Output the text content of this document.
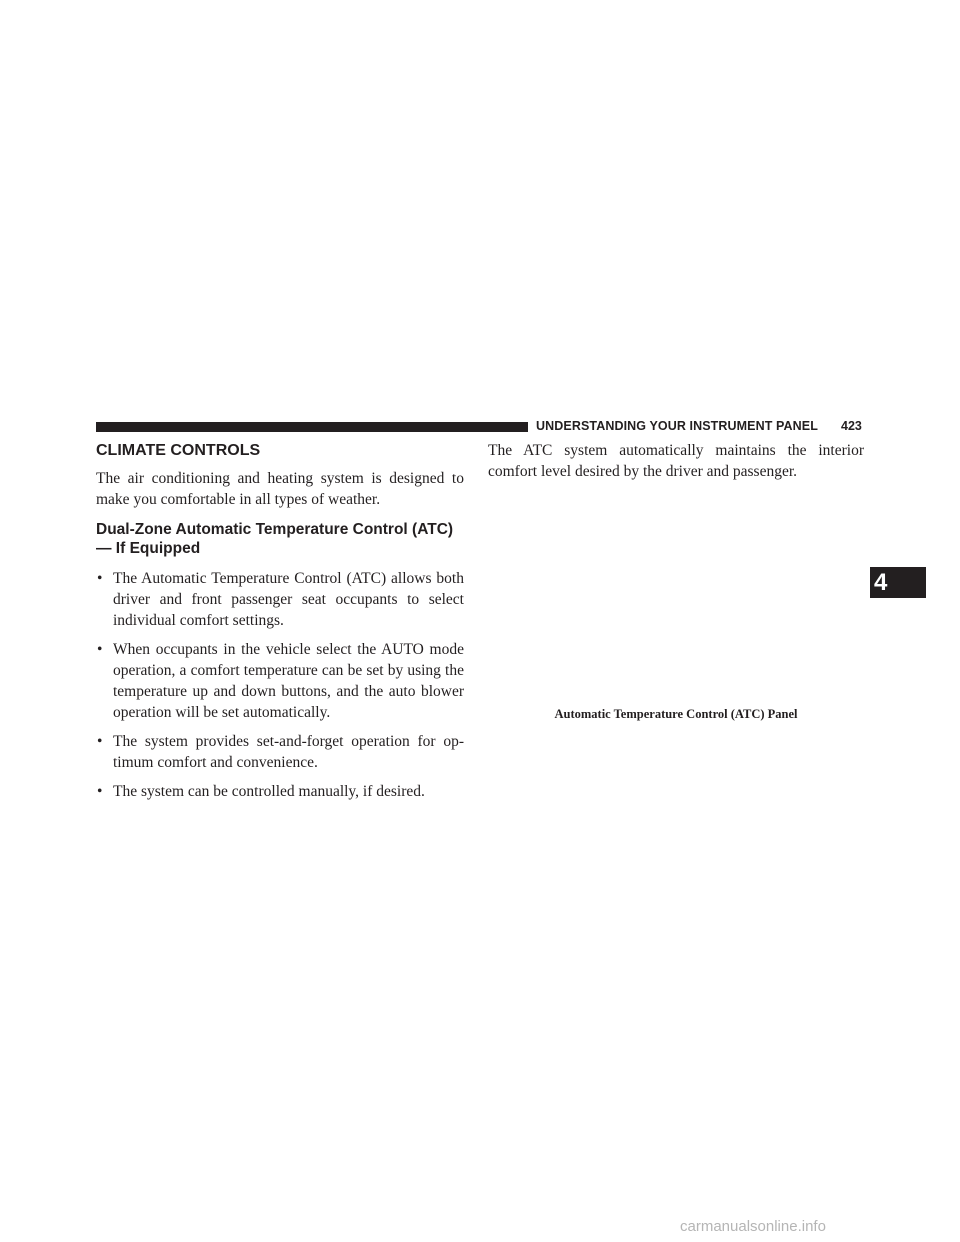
UNDERSTANDING YOUR INSTRUMENT PANEL 423
CLIMATE CONTROLS

The air conditioning and heating system is designed to make you comfortable in all types of weather.

Dual-Zone Automatic Temperature Control (ATC)
— If Equipped
• The Automatic Temperature Control (ATC) allows both driver and front passenger seat occupants to select individual comfort settings.
• When occupants in the vehicle select the AUTO mode operation, a comfort temperature can be set by using the temperature up and down buttons, and the auto blower operation will be set automatically.
• The system provides set-and-forget operation for op-timum comfort and convenience.
• The system can be controlled manually, if desired.

The ATC system automatically maintains the interior comfort level desired by the driver and passenger.

Automatic Temperature Control (ATC) Panel
4
carmanualsonline.info
